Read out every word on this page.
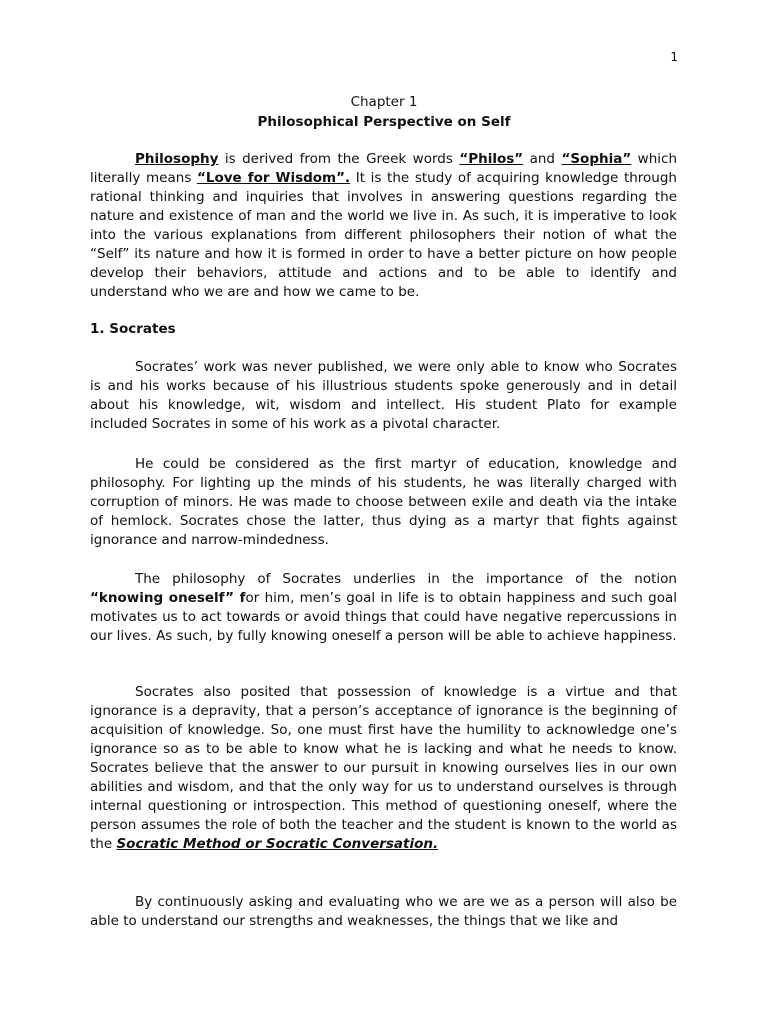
1
Chapter 1
Philosophical Perspective on Self

Philosophy is derived from the Greek words “Philos” and “Sophia” which literally means “Love for Wisdom”. It is the study of acquiring knowledge through rational thinking and inquiries that involves in answering questions regarding the nature and existence of man and the world we live in. As such, it is imperative to look into the various explanations from different philosophers their notion of what the “Self” its nature and how it is formed in order to have a better picture on how people develop their behaviors, attitude and actions and to be able to identify and understand who we are and how we came to be.

1. Socrates

Socrates’ work was never published, we were only able to know who Socrates is and his works because of his illustrious students spoke generously and in detail about his knowledge, wit, wisdom and intellect. His student Plato for example included Socrates in some of his work as a pivotal character.

He could be considered as the first martyr of education, knowledge and philosophy. For lighting up the minds of his students, he was literally charged with corruption of minors. He was made to choose between exile and death via the intake of hemlock. Socrates chose the latter, thus dying as a martyr that fights against ignorance and narrow-mindedness.

The philosophy of Socrates underlies in the importance of the notion “knowing oneself” for him, men’s goal in life is to obtain happiness and such goal motivates us to act towards or avoid things that could have negative repercussions in our lives. As such, by fully knowing oneself a person will be able to achieve happiness.

Socrates also posited that possession of knowledge is a virtue and that ignorance is a depravity, that a person’s acceptance of ignorance is the beginning of acquisition of knowledge. So, one must first have the humility to acknowledge one’s ignorance so as to be able to know what he is lacking and what he needs to know. Socrates believe that the answer to our pursuit in knowing ourselves lies in our own abilities and wisdom, and that the only way for us to understand ourselves is through internal questioning or introspection. This method of questioning oneself, where the person assumes the role of both the teacher and the student is known to the world as the Socratic Method or Socratic Conversation.

By continuously asking and evaluating who we are we as a person will also be able to understand our strengths and weaknesses, the things that we like and
